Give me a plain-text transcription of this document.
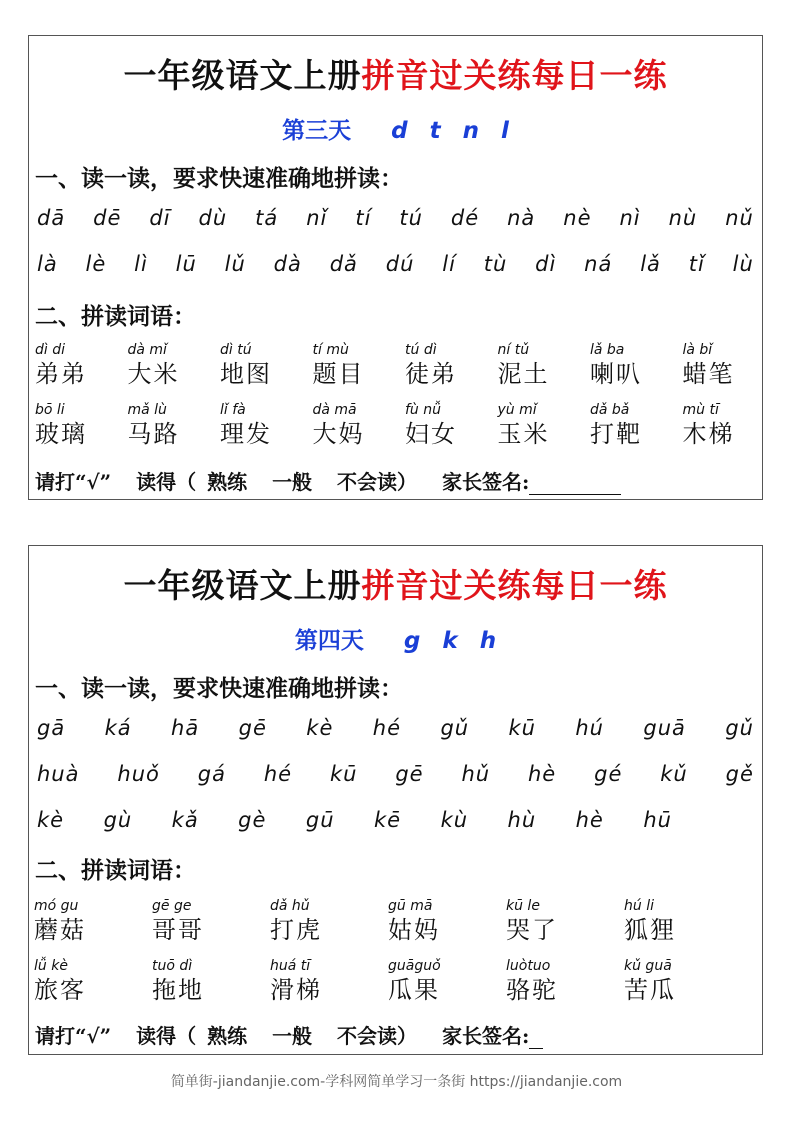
一年级语文上册拼音过关练每日一练
第三天 d t n l
一、读一读，要求快速准确地拼读：
dā dē dī dù tá nǐ tí tú dé nà nè nì nù nǔ
là lè lì lū lǔ dà dǎ dú lí tù dì ná lǎ tǐ lù
二、拼读词语：
dì di
弟弟
dà mǐ
大米
dì tú
地图
tí mù
题目
tú dì
徒弟
ní tǔ
泥土
lǎ ba
喇叭
là bǐ
蜡笔
bō li
玻璃
mǎ lù
马路
lǐ fà
理发
dà mā
大妈
fù nǚ
妇女
yù mǐ
玉米
dǎ bǎ
打靶
mù tī
木梯
请打“√” 读得（ 熟练 一般 不会读） 家长签名:
一年级语文上册拼音过关练每日一练
第四天 g k h
一、读一读，要求快速准确地拼读：
gā ká hā gē kè hé gǔ kū hú guā gǔ
huà huǒ gá hé kū gē hǔ hè gé kǔ gě
kè gù kǎ gè gū kē kù hù hè hū
二、拼读词语：
mó gu
蘑菇
gē ge
哥哥
dǎ hǔ
打虎
gū mā
姑妈
kū le
哭了
hú li
狐狸
lǚ kè
旅客
tuō dì
拖地
huá tī
滑梯
guāguǒ
瓜果
luòtuo
骆驼
kǔ guā
苦瓜
请打“√” 读得（ 熟练 一般 不会读） 家长签名:
简单街-jiandanjie.com-学科网简单学习一条街 https://jiandanjie.com
